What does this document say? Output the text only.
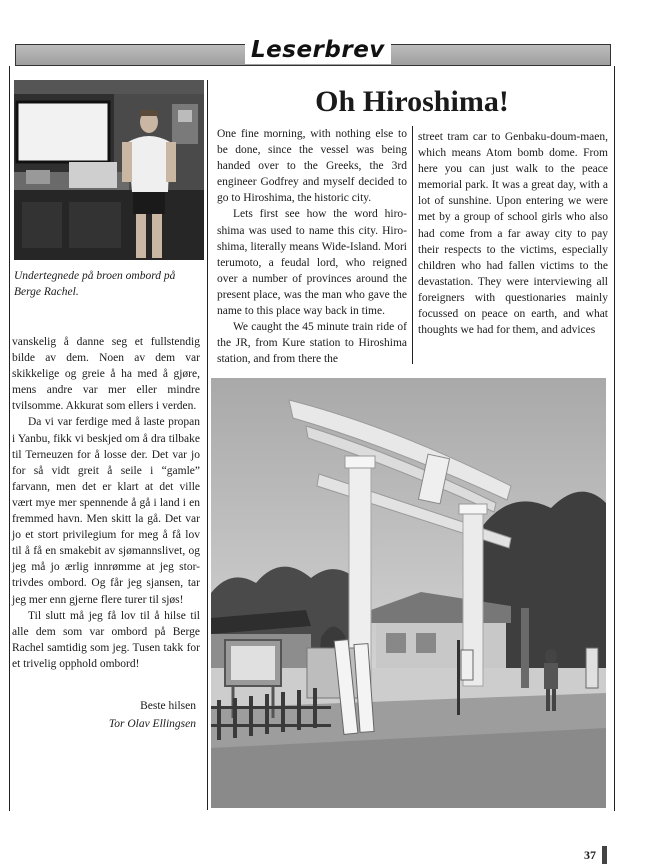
Leserbrev

Undertegnede på broen ombord på Berge Rachel.

Oh Hiroshima!

One fine morning, with nothing else to be done, since the vessel was being handed over to the Greeks, the 3rd engineer Godfrey and myself decided to go to Hiroshima, the historic city.

Lets first see how the word hiro-shima was used to name this city. Hiro-shima, literally means Wide-Island. Mori terumoto, a feudal lord, who reigned over a number of provinces around the present place, was the man who gave the name to this place way back in time.

We caught the 45 minute train ride of the JR, from Kure station to Hiroshima station, and from there the

street tram car to Genbaku-doum-maen, which means Atom bomb dome. From here you can just walk to the peace memorial park. It was a great day, with a lot of sunshine. Upon entering we were met by a group of school girls who also had come from a far away city to pay their respects to the victims, especially children who had fallen victims to the devastation. They were interviewing all foreigners with questionaries mainly focussed on peace on earth, and what thoughts we had for them, and advices

vanskelig å danne seg et fullstendig bilde av dem. Noen av dem var skikkelige og greie å ha med å gjøre, mens andre var mer eller mindre tvilsomme. Akkurat som ellers i verden.

Da vi var ferdige med å laste propan i Yanbu, fikk vi beskjed om å dra tilbake til Terneuzen for å losse der. Det var jo for så vidt greit å seile i “gamle” farvann, men det er klart at det ville vært mye mer spennende å gå i land i en fremmed havn. Men skitt la gå. Det var jo et stort privilegium for meg å få lov til å få en smakebit av sjømannslivet, og jeg må jo ærlig innrømme at jeg stor-trivdes ombord. Og får jeg sjansen, tar jeg mer enn gjerne flere turer til sjøs!

Til slutt må jeg få lov til å hilse til alle dem som var ombord på Berge Rachel samtidig som jeg. Tusen takk for et trivelig opphold ombord!

Beste hilsen
Tor Olav Ellingsen
37
